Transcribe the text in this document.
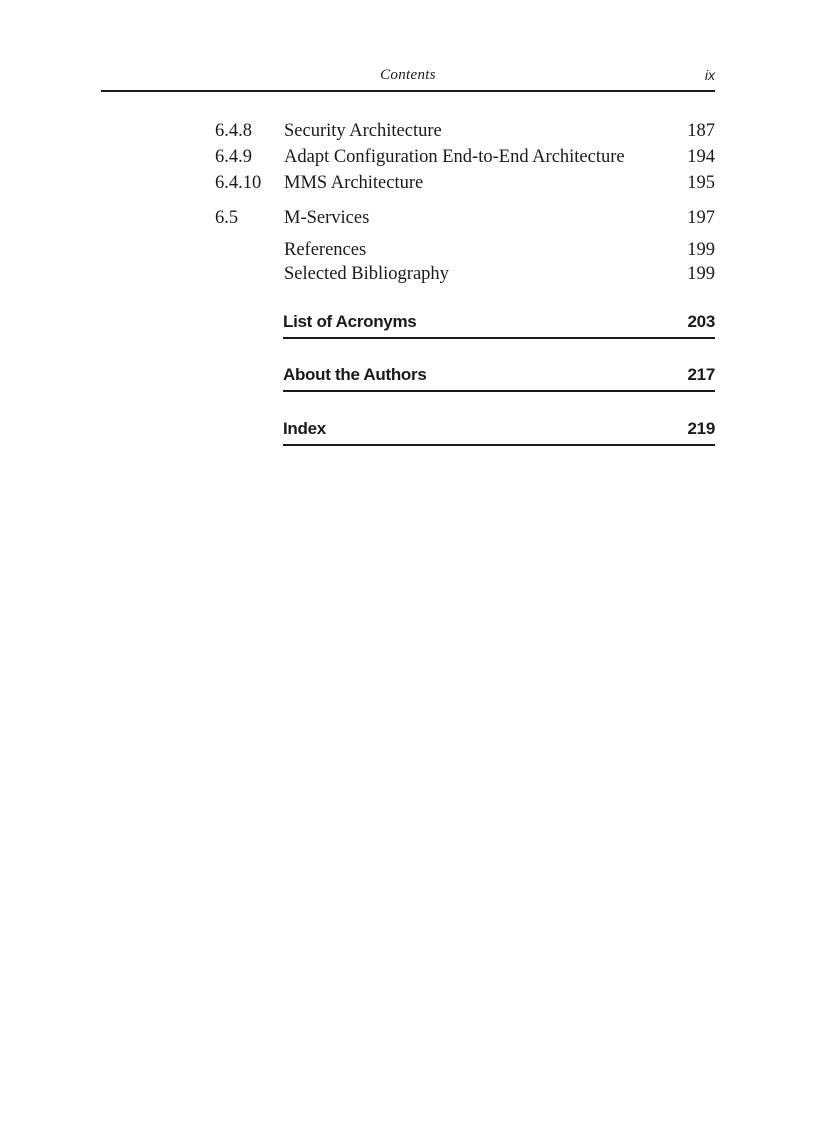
Contents	ix
6.4.8 Security Architecture	187
6.4.9 Adapt Configuration End-to-End Architecture	194
6.4.10 MMS Architecture	195
6.5 M-Services	197
References	199
Selected Bibliography	199
List of Acronyms	203
About the Authors	217
Index	219
